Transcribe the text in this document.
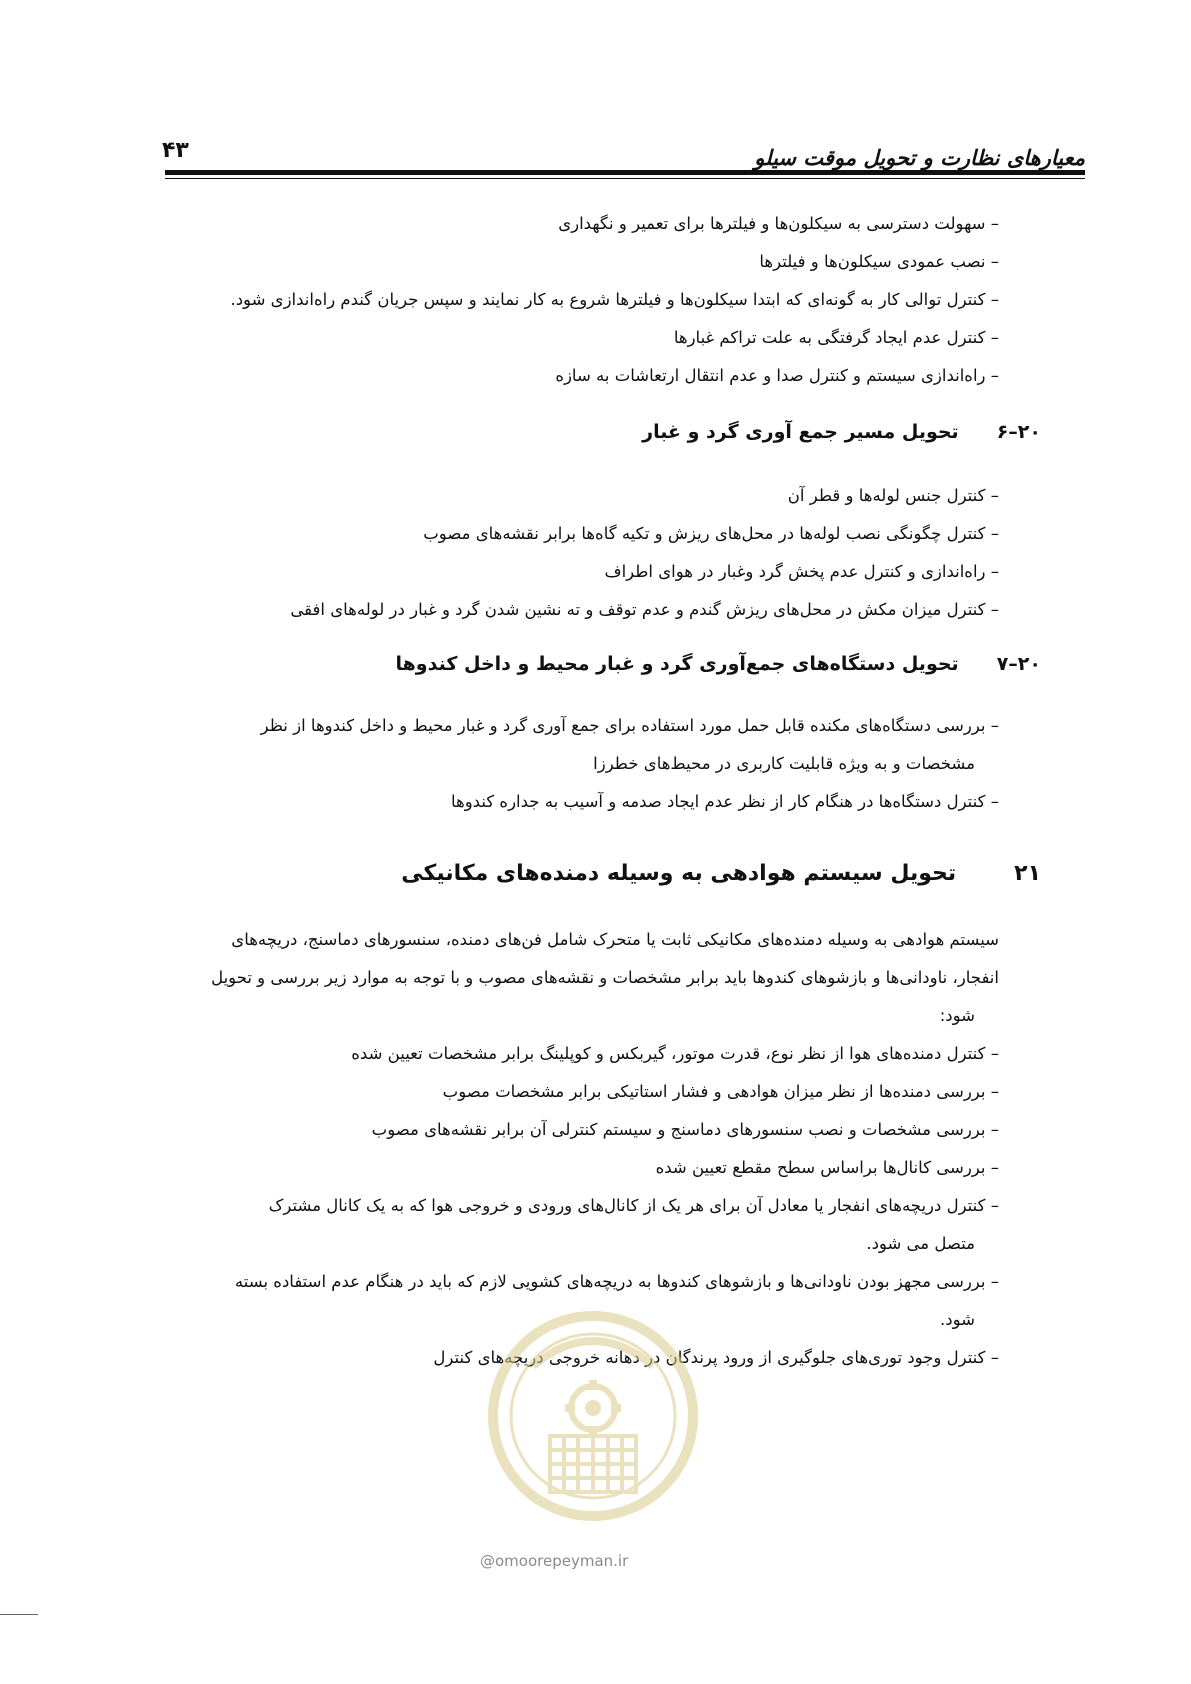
معیارهای نظارت و تحویل موقت سیلو
۴۳
– سهولت دسترسی به سیکلون‌ها و فیلترها برای تعمیر و نگهداری
– نصب عمودی سیکلون‌ها و فیلترها
– کنترل توالی کار به گونه‌ای که ابتدا سیکلون‌ها و فیلترها شروع به کار نمایند و سپس جریان گندم راه‌اندازی شود.
– کنترل عدم ایجاد گرفتگی به علت تراکم غبارها
– راه‌اندازی سیستم و کنترل صدا و عدم انتقال ارتعاشات به سازه
۲۰–۶تحویل مسیر جمع آوری گرد و غبار
– کنترل جنس لوله‌ها و قطر آن
– کنترل چگونگی نصب لوله‌ها در محل‌های ریزش و تکیه گاه‌ها برابر نقشه‌های مصوب
– راه‌اندازی و کنترل عدم پخش گرد وغبار در هوای اطراف
– کنترل میزان مکش در محل‌های ریزش گندم و عدم توقف و ته نشین شدن گرد و غبار در لوله‌های افقی
۲۰–۷تحویل دستگاه‌های جمع‌آوری گرد و غبار محیط و داخل کندوها
– بررسی دستگاه‌های مکنده قابل حمل مورد استفاده برای جمع آوری گرد و غبار محیط و داخل کندوها از نظر
مشخصات و به ویژه قابلیت کاربری در محیط‌های خطرزا
– کنترل دستگاه‌ها در هنگام کار از نظر عدم ایجاد صدمه و آسیب به جداره کندوها
۲۱تحویل سیستم هوادهی به وسیله دمنده‌های مکانیکی
سیستم هوادهی به وسیله دمنده‌های مکانیکی ثابت یا متحرک شامل فن‌های دمنده، سنسورهای دماسنج، دریچه‌های
انفجار، ناودانی‌ها و بازشوهای کندوها باید برابر مشخصات و نقشه‌های مصوب و با توجه به موارد زیر بررسی و تحویل
شود:
– کنترل دمنده‌های هوا از نظر نوع، قدرت موتور، گیربکس و کوپلینگ برابر مشخصات تعیین شده
– بررسی دمنده‌ها از نظر میزان هوادهی و فشار استاتیکی برابر مشخصات مصوب
– بررسی مشخصات و نصب سنسورهای دماسنج و سیستم کنترلی آن برابر نقشه‌های مصوب
– بررسی کانال‌ها براساس سطح مقطع تعیین شده
– کنترل دریچه‌های انفجار یا معادل آن برای هر یک از کانال‌های ورودی و خروجی هوا که به یک کانال مشترک
متصل می شود.
– بررسی مجهز بودن ناودانی‌ها و بازشوهای کندوها به دریچه‌های کشویی لازم که باید در هنگام عدم استفاده بسته
شود.
– کنترل وجود توری‌های جلوگیری از ورود پرندگان در دهانه خروجی دریچه‌های کنترل
@omoorepeyman.ir
